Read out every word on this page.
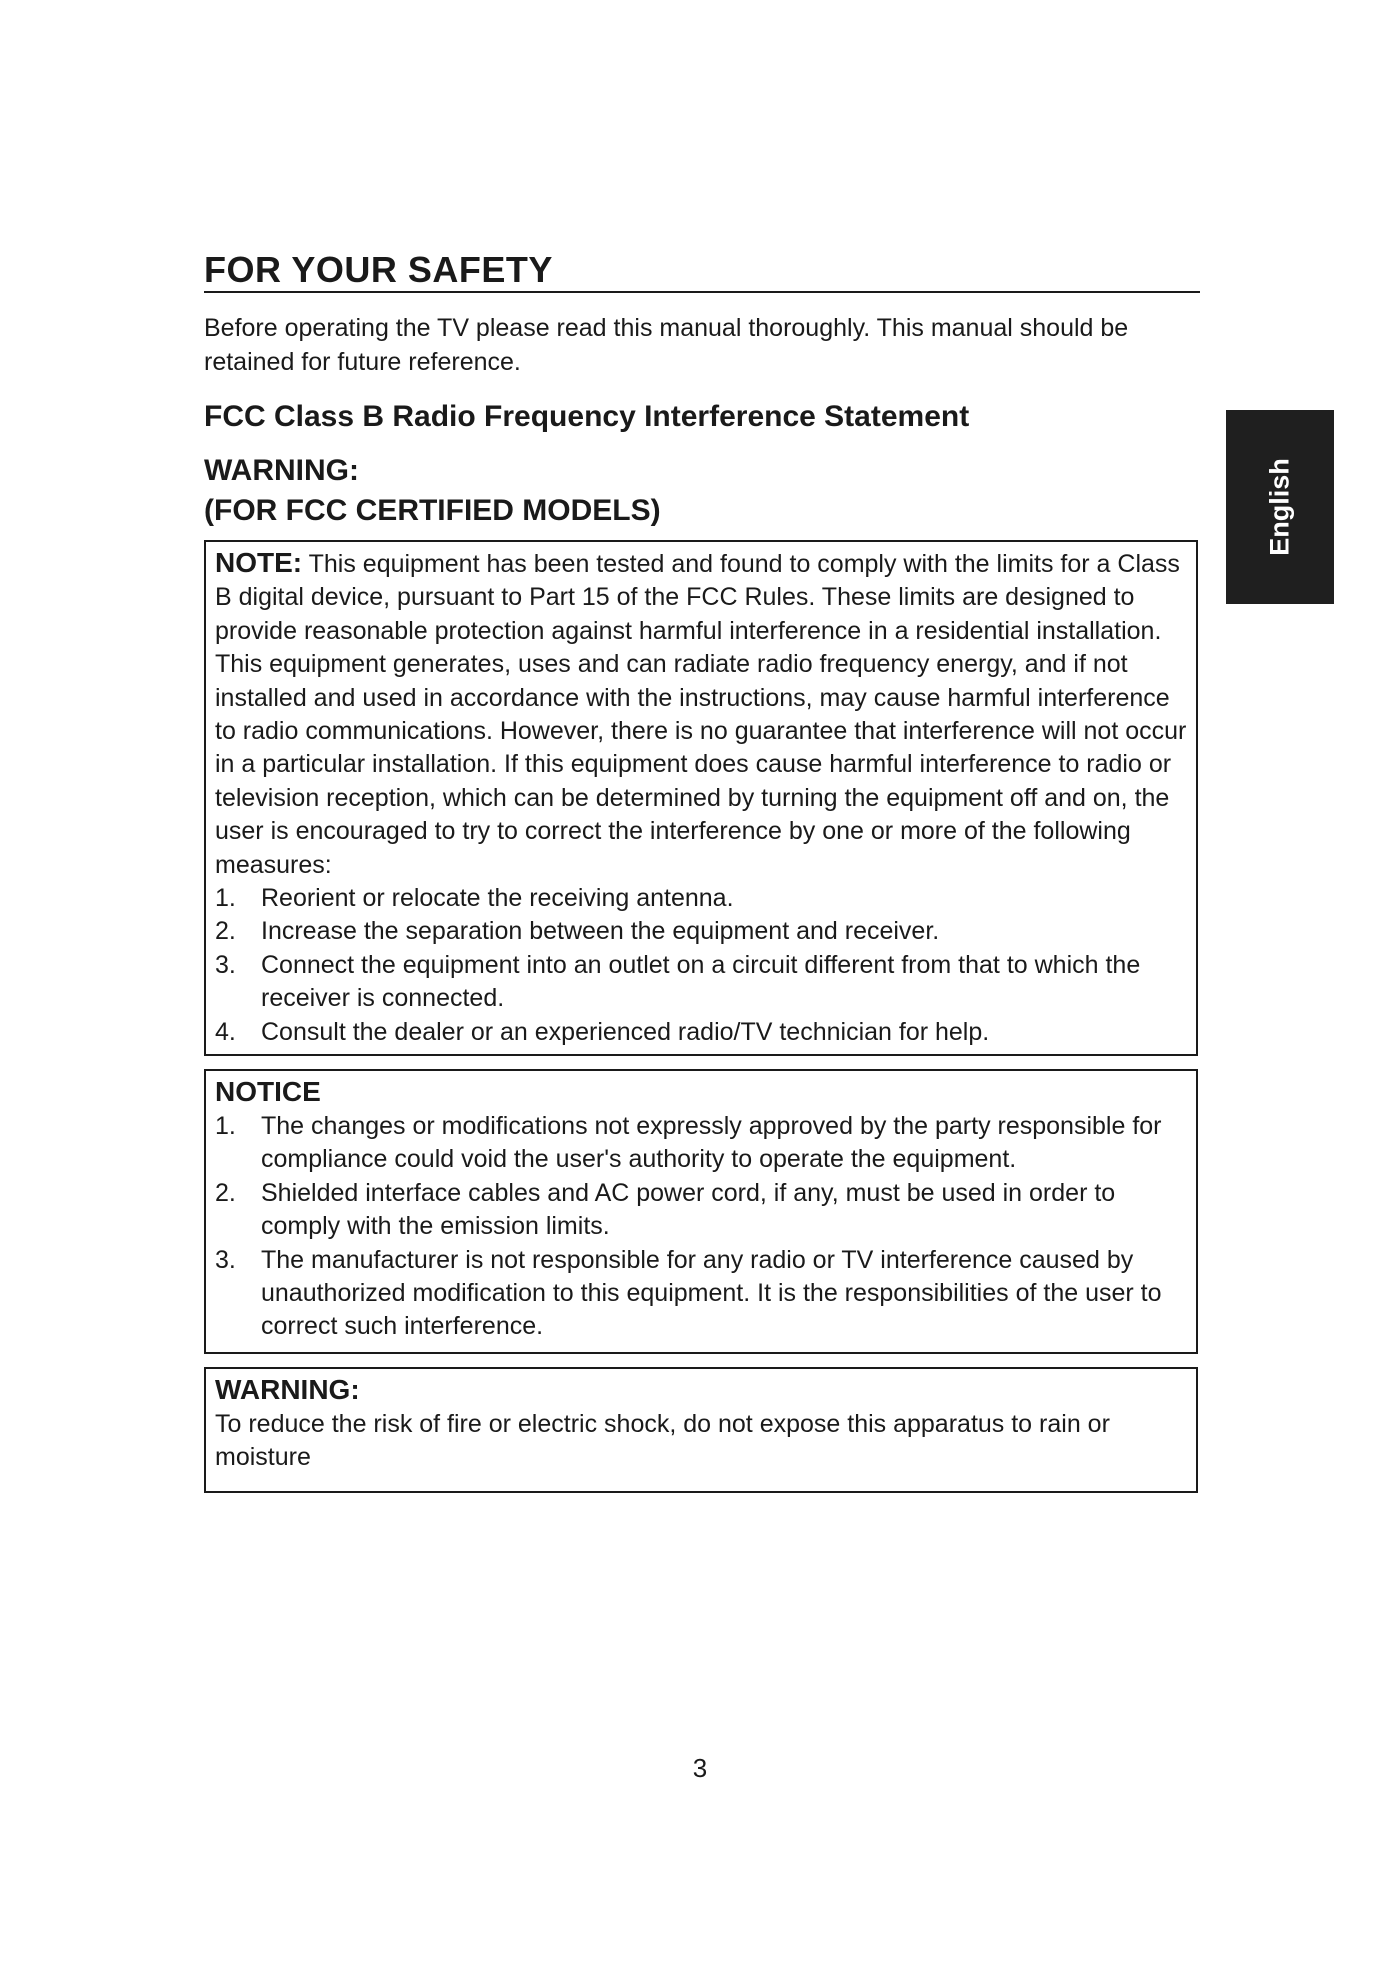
FOR YOUR SAFETY
Before operating the TV please read this manual thoroughly. This manual should be retained for future reference.
FCC Class B Radio Frequency Interference Statement
WARNING:
(FOR FCC CERTIFIED MODELS)
NOTE: This equipment has been tested and found to comply with the limits for a Class B digital device, pursuant to Part 15 of the FCC Rules. These limits are designed to provide reasonable protection against harmful interference in a residential installation. This equipment generates, uses and can radiate radio frequency energy, and if not installed and used in accordance with the instructions, may cause harmful interference to radio communications. However, there is no guarantee that interference will not occur in a particular installation. If this equipment does cause harmful interference to radio or television reception, which can be determined by turning the equipment off and on, the user is encouraged to try to correct the interference by one or more of the following measures:
1.	Reorient or relocate the receiving antenna.
2.	Increase the separation between the equipment and receiver.
3.	Connect the equipment into an outlet on a circuit different from that to which the receiver is connected.
4.	Consult the dealer or an experienced radio/TV technician for help.
NOTICE
1.	The changes or modifications not expressly approved by the party responsible for compliance could void the user's authority to operate the equipment.
2.	Shielded interface cables and AC power cord, if any, must be used in order to comply with the emission limits.
3.	The manufacturer is not responsible for any radio or TV interference caused by unauthorized modification to this equipment. It is the responsibilities of the user to correct such interference.
WARNING:
To reduce the risk of fire or electric shock, do not expose this apparatus to rain or moisture
English
3
